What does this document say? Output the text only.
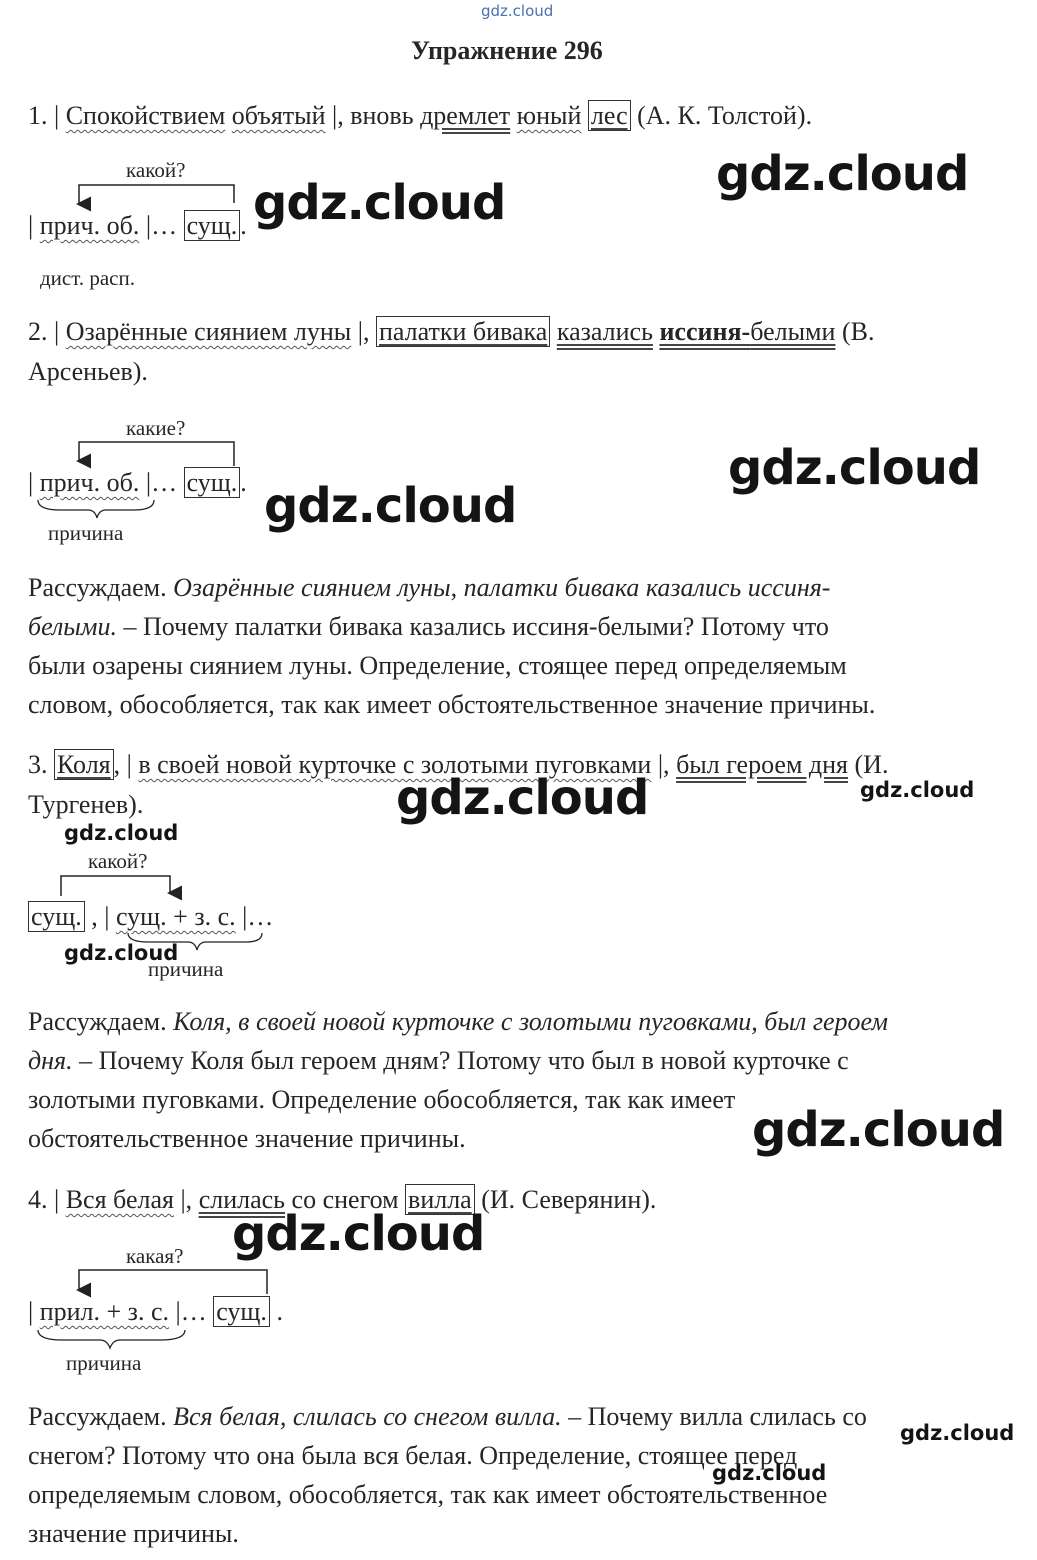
gdz.cloud
Упражнение 296
1. | Спокойствием объятый |, вновь дремлет юный лес (А. К. Толстой).
какой?
| прич. об. |… сущ. .
дист. расп.
gdz.cloud
gdz.cloud
2. | Озарённые сиянием луны |, палатки бивака казались иссиня-белыми (В.
Арсеньев).
какие?
| прич. об. |… сущ. .
причина
gdz.cloud
gdz.cloud
Рассуждаем. Озарённые сиянием луны, палатки бивака казались иссиня-
белыми. – Почему палатки бивака казались иссиня-белыми? Потому что
были озарены сиянием луны. Определение, стоящее перед определяемым
словом, обособляется, так как имеет обстоятельственное значение причины.
3. Коля , | в своей новой курточке с золотыми пуговками |, был героем дня (И.
Тургенев).	gdz.cloud	gdz.cloud
gdz.cloud
какой?
сущ. , | сущ. + з. с. |…
gdz.cloud
причина
Рассуждаем. Коля, в своей новой курточке с золотыми пуговками, был героем
дня. – Почему Коля был героем дням? Потому что был в новой курточке с
золотыми пуговками. Определение обособляется, так как имеет
обстоятельственное значение причины.	gdz.cloud
4. | Вся белая |, слилась со снегом вилла (И. Северянин).
gdz.cloud
какая?
| прил. + з. с. |… сущ. .
причина
Рассуждаем. Вся белая, слилась со снегом вилла. – Почему вилла слилась со
gdz.cloud
снегом? Потому что она была вся белая. Определение, стоящее перед
gdz.cloud
определяемым словом, обособляется, так как имеет обстоятельственное
значение причины.
